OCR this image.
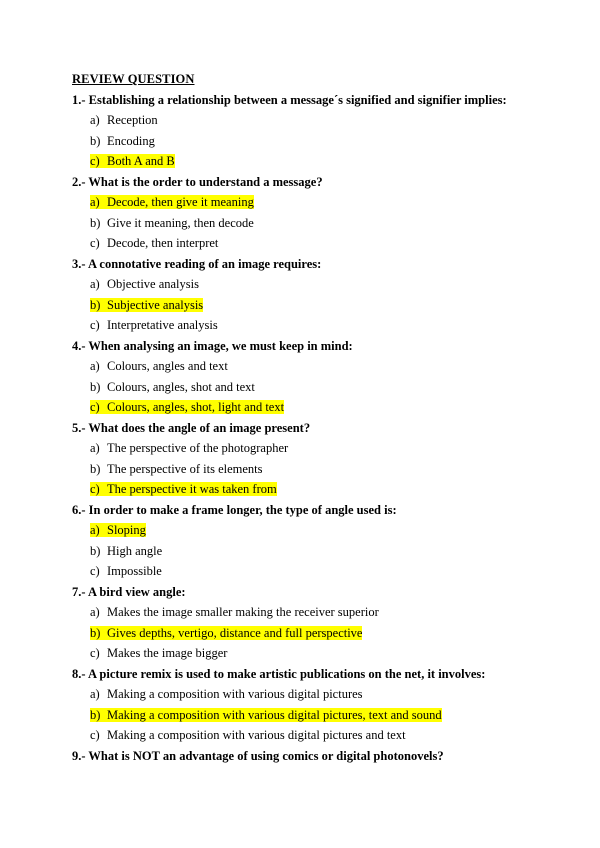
REVIEW QUESTION
1.- Establishing a relationship between a message´s signified and signifier implies:
a) Reception
b) Encoding
c) Both A and B
2.- What is the order to understand a message?
a) Decode, then give it meaning
b) Give it meaning, then decode
c) Decode, then interpret
3.- A connotative reading of an image requires:
a) Objective analysis
b) Subjective analysis
c) Interpretative analysis
4.- When analysing an image, we must keep in mind:
a) Colours, angles and text
b) Colours, angles, shot and text
c) Colours, angles, shot, light and text
5.- What does the angle of an image present?
a) The perspective of the photographer
b) The perspective of its elements
c) The perspective it was taken from
6.- In order to make a frame longer, the type of angle used is:
a) Sloping
b) High angle
c) Impossible
7.- A bird view angle:
a) Makes the image smaller making the receiver superior
b) Gives depths, vertigo, distance and full perspective
c) Makes the image bigger
8.- A picture remix is used to make artistic publications on the net, it involves:
a) Making a composition with various digital pictures
b) Making a composition with various digital pictures, text and sound
c) Making a composition with various digital pictures and text
9.- What is NOT an advantage of using comics or digital photonovels?
